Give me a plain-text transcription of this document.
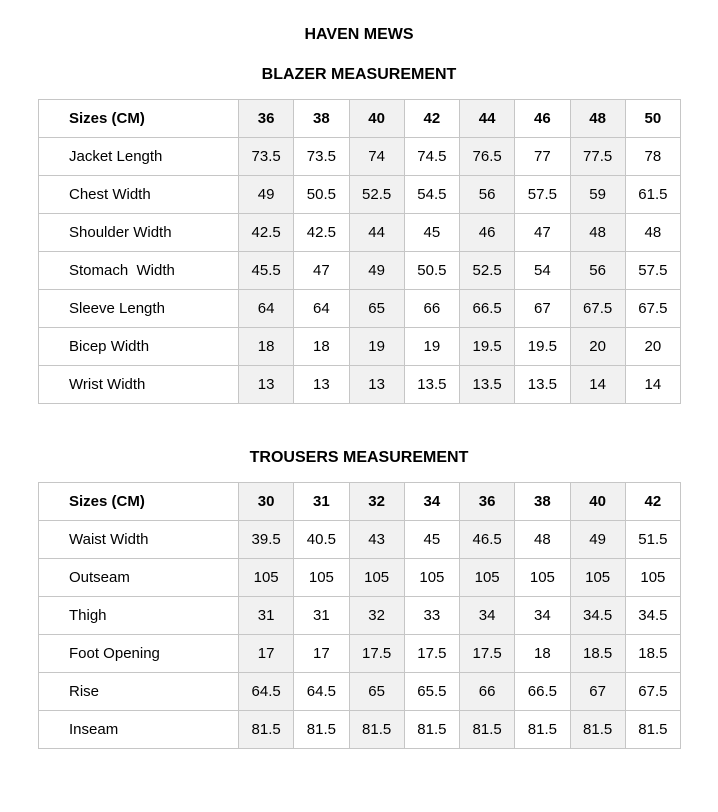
HAVEN MEWS
BLAZER MEASUREMENT
Sizes (CM)	36	38	40	42	44	46	48	50
Jacket Length	73.5	73.5	74	74.5	76.5	77	77.5	78
Chest Width	49	50.5	52.5	54.5	56	57.5	59	61.5
Shoulder Width	42.5	42.5	44	45	46	47	48	48
Stomach  Width	45.5	47	49	50.5	52.5	54	56	57.5
Sleeve Length	64	64	65	66	66.5	67	67.5	67.5
Bicep Width	18	18	19	19	19.5	19.5	20	20
Wrist Width	13	13	13	13.5	13.5	13.5	14	14
TROUSERS MEASUREMENT
Sizes (CM)	30	31	32	34	36	38	40	42
Waist Width	39.5	40.5	43	45	46.5	48	49	51.5
Outseam	105	105	105	105	105	105	105	105
Thigh	31	31	32	33	34	34	34.5	34.5
Foot Opening	17	17	17.5	17.5	17.5	18	18.5	18.5
Rise	64.5	64.5	65	65.5	66	66.5	67	67.5
Inseam	81.5	81.5	81.5	81.5	81.5	81.5	81.5	81.5
